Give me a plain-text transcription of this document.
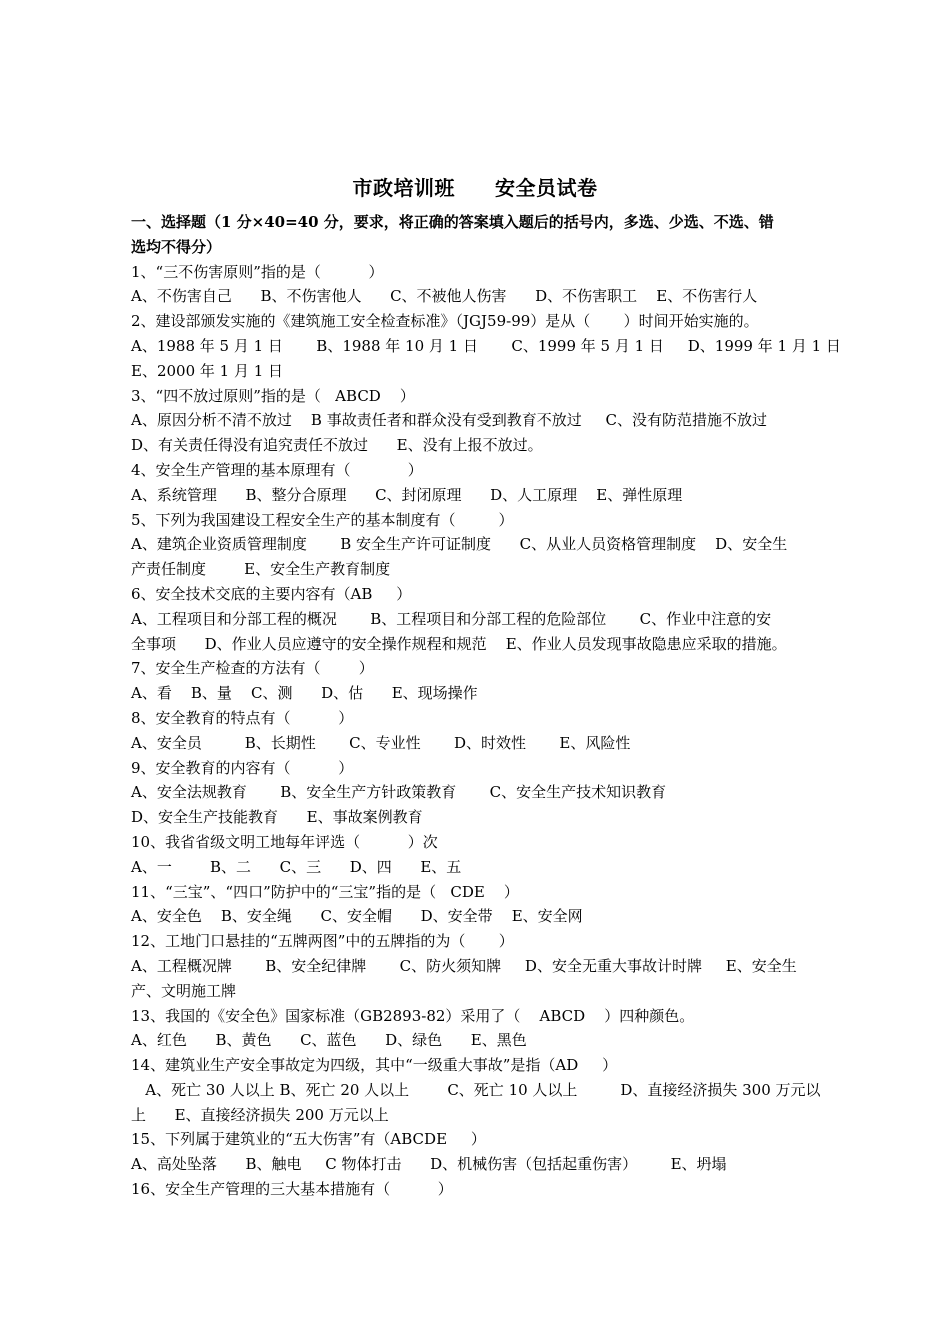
市政培训班 安全员试卷
一、选择题（1 分×40=40 分，要求，将正确的答案填入题后的括号内，多选、少选、不选、错
选均不得分）
1、“三不伤害原则”指的是（          ）
A、不伤害自己      B、不伤害他人      C、不被他人伤害      D、不伤害职工    E、不伤害行人
2、建设部颁发实施的《建筑施工安全检查标准》（JGJ59-99）是从（       ）时间开始实施的。
A、1988 年 5 月 1 日       B、1988 年 10 月 1 日       C、1999 年 5 月 1 日     D、1999 年 1 月 1 日
E、2000 年 1 月 1 日
3、“四不放过原则”指的是（   ABCD    ）
A、原因分析不清不放过    B 事故责任者和群众没有受到教育不放过     C、没有防范措施不放过
D、有关责任得没有追究责任不放过      E、没有上报不放过。
4、安全生产管理的基本原理有（            ）
A、系统管理      B、整分合原理      C、封闭原理      D、人工原理    E、弹性原理
5、下列为我国建设工程安全生产的基本制度有（         ）
A、建筑企业资质管理制度       B 安全生产许可证制度      C、从业人员资格管理制度    D、安全生
产责任制度        E、安全生产教育制度
6、安全技术交底的主要内容有（AB     ）
A、工程项目和分部工程的概况       B、工程项目和分部工程的危险部位       C、作业中注意的安
全事项      D、作业人员应遵守的安全操作规程和规范    E、作业人员发现事故隐患应采取的措施。
7、安全生产检查的方法有（        ）
A、看    B、量    C、测      D、估      E、现场操作
8、安全教育的特点有（          ）
A、安全员         B、长期性       C、专业性       D、时效性       E、风险性
9、安全教育的内容有（          ）
A、安全法规教育       B、安全生产方针政策教育       C、安全生产技术知识教育
D、安全生产技能教育      E、事故案例教育
10、我省省级文明工地每年评选（          ）次
A、一        B、二      C、三      D、四      E、五
11、“三宝”、“四口”防护中的“三宝”指的是（   CDE    ）
A、安全色    B、安全绳      C、安全帽      D、安全带    E、安全网
12、工地门口悬挂的“五牌两图”中的五牌指的为（       ）
A、工程概况牌       B、安全纪律牌       C、防火须知牌     D、安全无重大事故计时牌     E、安全生
产、文明施工牌
13、我国的《安全色》国家标准（GB2893-82）采用了（    ABCD    ）四种颜色。
A、红色      B、黄色      C、蓝色      D、绿色      E、黑色
14、建筑业生产安全事故定为四级，其中“一级重大事故”是指（AD     ）
A、死亡 30 人以上 B、死亡 20 人以上        C、死亡 10 人以上         D、直接经济损失 300 万元以
上      E、直接经济损失 200 万元以上
15、下列属于建筑业的“五大伤害”有（ABCDE     ）
A、高处坠落      B、触电     C 物体打击      D、机械伤害（包括起重伤害）       E、坍塌
16、安全生产管理的三大基本措施有（          ）
